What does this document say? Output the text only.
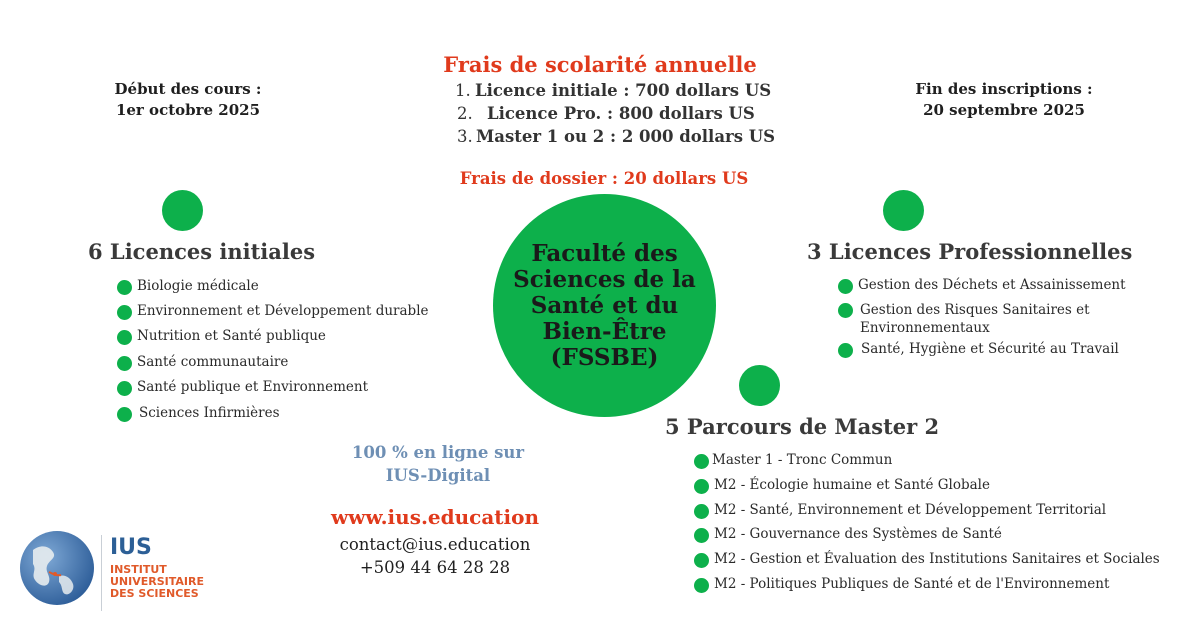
Début des cours :
1er octobre 2025
Fin des inscriptions :
20 septembre 2025
Frais de scolarité annuelle
1. Licence initiale : 700 dollars US
2. Licence Pro. : 800 dollars US
3. Master 1 ou 2 : 2 000 dollars US
Frais de dossier : 20 dollars US
Faculté des
Sciences de la
Santé et du
Bien-Être
(FSSBE)
6 Licences initiales
Biologie médicale
Environnement et Développement durable
Nutrition et Santé publique
Santé communautaire
Santé publique et Environnement
Sciences Infirmières
3 Licences Professionnelles
Gestion des Déchets et Assainissement
Gestion des Risques Sanitaires et
Environnementaux
Santé, Hygiène et Sécurité au Travail
5 Parcours de Master 2
Master 1 - Tronc Commun
M2 - Écologie humaine et Santé Globale
M2 - Santé, Environnement et Développement Territorial
M2 - Gouvernance des Systèmes de Santé
M2 - Gestion et Évaluation des Institutions Sanitaires et Sociales
M2 - Politiques Publiques de Santé et de l'Environnement
100 % en ligne sur
IUS-Digital
www.ius.education
contact@ius.education
+509 44 64 28 28
IUS
INSTITUT
UNIVERSITAIRE
DES SCIENCES
